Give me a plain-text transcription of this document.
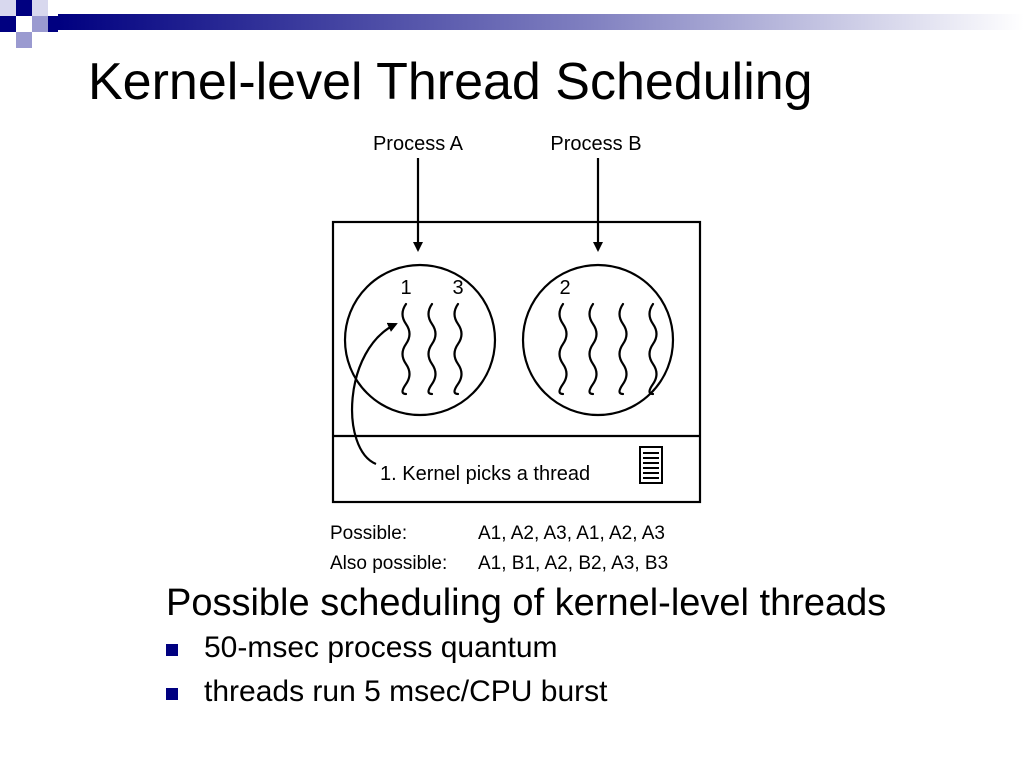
Kernel-level Thread Scheduling
Process A	Process B
1 3	2
1. Kernel picks a thread
Possible:	A1, A2, A3, A1, A2, A3
Also possible: A1, B1, A2, B2, A3, B3

Possible scheduling of kernel-level threads

50-msec process quantum
threads run 5 msec/CPU burst
